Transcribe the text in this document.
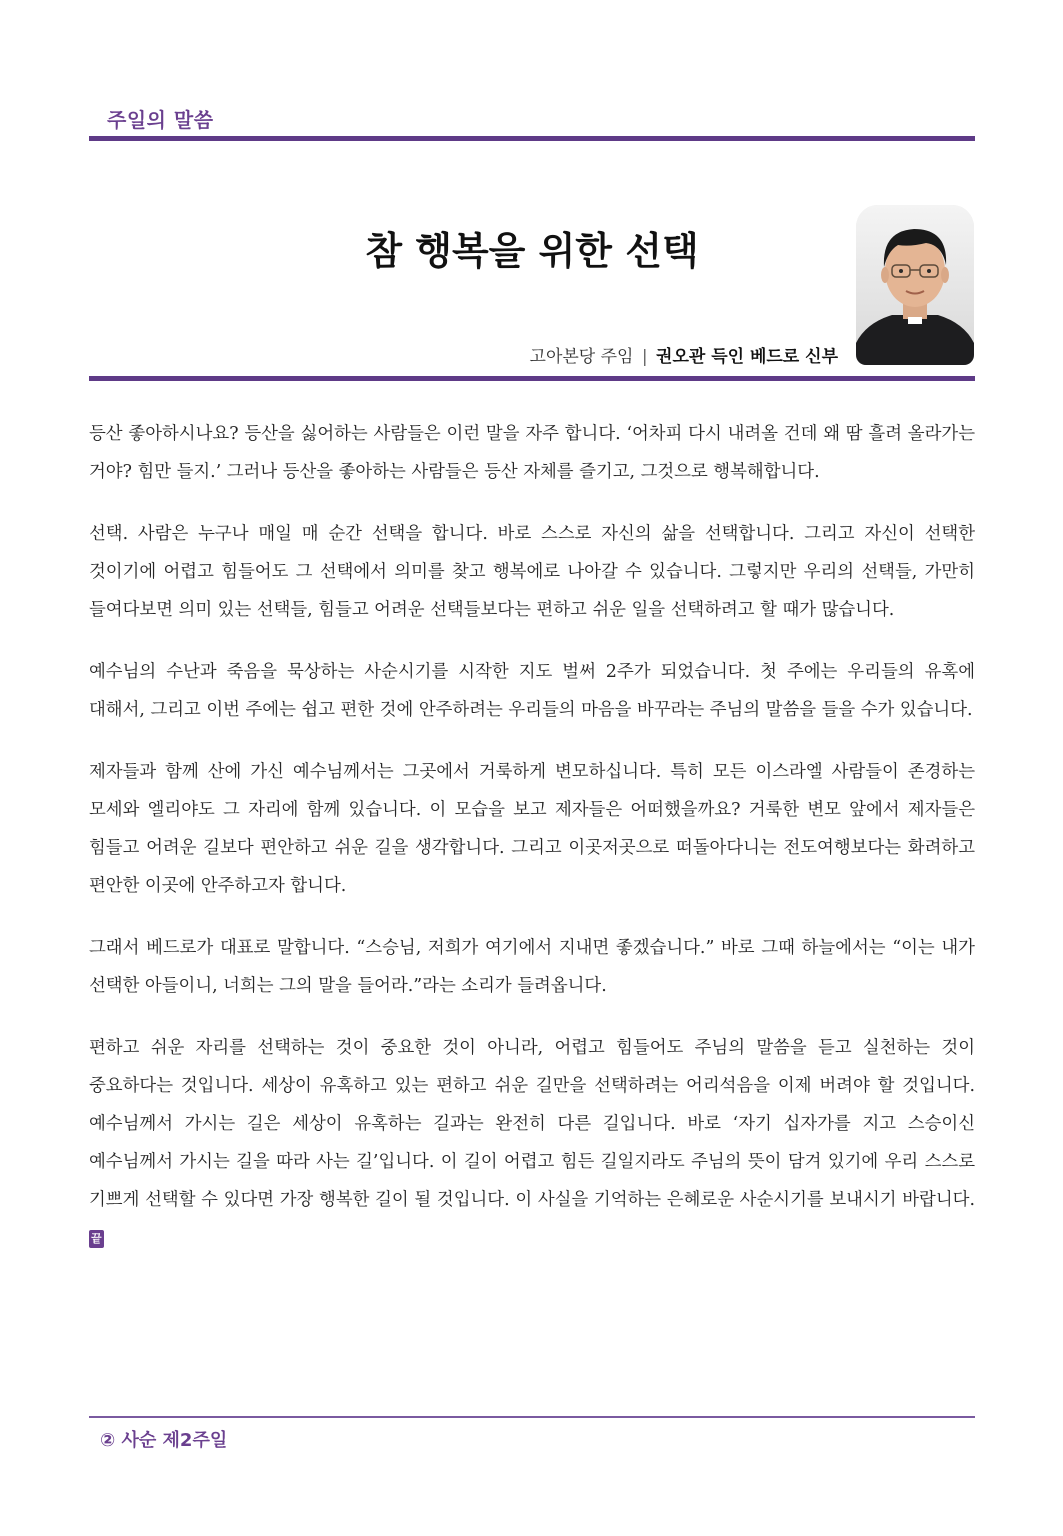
주일의 말씀
참 행복을 위한 선택
고아본당 주임 | 권오관 득인 베드로 신부

등산 좋아하시나요? 등산을 싫어하는 사람들은 이런 말을 자주 합니다. ‘어차피 다시 내려올 건데 왜 땀 흘려 올라가는 거야? 힘만 들지.’ 그러나 등산을 좋아하는 사람들은 등산 자체를 즐기고, 그것으로 행복해합니다.

선택. 사람은 누구나 매일 매 순간 선택을 합니다. 바로 스스로 자신의 삶을 선택합니다. 그리고 자신이 선택한 것이기에 어렵고 힘들어도 그 선택에서 의미를 찾고 행복에로 나아갈 수 있습니다. 그렇지만 우리의 선택들, 가만히 들여다보면 의미 있는 선택들, 힘들고 어려운 선택들보다는 편하고 쉬운 일을 선택하려고 할 때가 많습니다.

예수님의 수난과 죽음을 묵상하는 사순시기를 시작한 지도 벌써 2주가 되었습니다. 첫 주에는 우리들의 유혹에 대해서, 그리고 이번 주에는 쉽고 편한 것에 안주하려는 우리들의 마음을 바꾸라는 주님의 말씀을 들을 수가 있습니다.

제자들과 함께 산에 가신 예수님께서는 그곳에서 거룩하게 변모하십니다. 특히 모든 이스라엘 사람들이 존경하는 모세와 엘리야도 그 자리에 함께 있습니다. 이 모습을 보고 제자들은 어떠했을까요? 거룩한 변모 앞에서 제자들은 힘들고 어려운 길보다 편안하고 쉬운 길을 생각합니다. 그리고 이곳저곳으로 떠돌아다니는 전도여행보다는 화려하고 편안한 이곳에 안주하고자 합니다.

그래서 베드로가 대표로 말합니다. “스승님, 저희가 여기에서 지내면 좋겠습니다.” 바로 그때 하늘에서는 “이는 내가 선택한 아들이니, 너희는 그의 말을 들어라.”라는 소리가 들려옵니다.

편하고 쉬운 자리를 선택하는 것이 중요한 것이 아니라, 어렵고 힘들어도 주님의 말씀을 듣고 실천하는 것이 중요하다는 것입니다. 세상이 유혹하고 있는 편하고 쉬운 길만을 선택하려는 어리석음을 이제 버려야 할 것입니다. 예수님께서 가시는 길은 세상이 유혹하는 길과는 완전히 다른 길입니다. 바로 ‘자기 십자가를 지고 스승이신 예수님께서 가시는 길을 따라 사는 길’입니다. 이 길이 어렵고 힘든 길일지라도 주님의 뜻이 담겨 있기에 우리 스스로 기쁘게 선택할 수 있다면 가장 행복한 길이 될 것입니다. 이 사실을 기억하는 은혜로운 사순시기를 보내시기 바랍니다. 끝

② 사순 제2주일
